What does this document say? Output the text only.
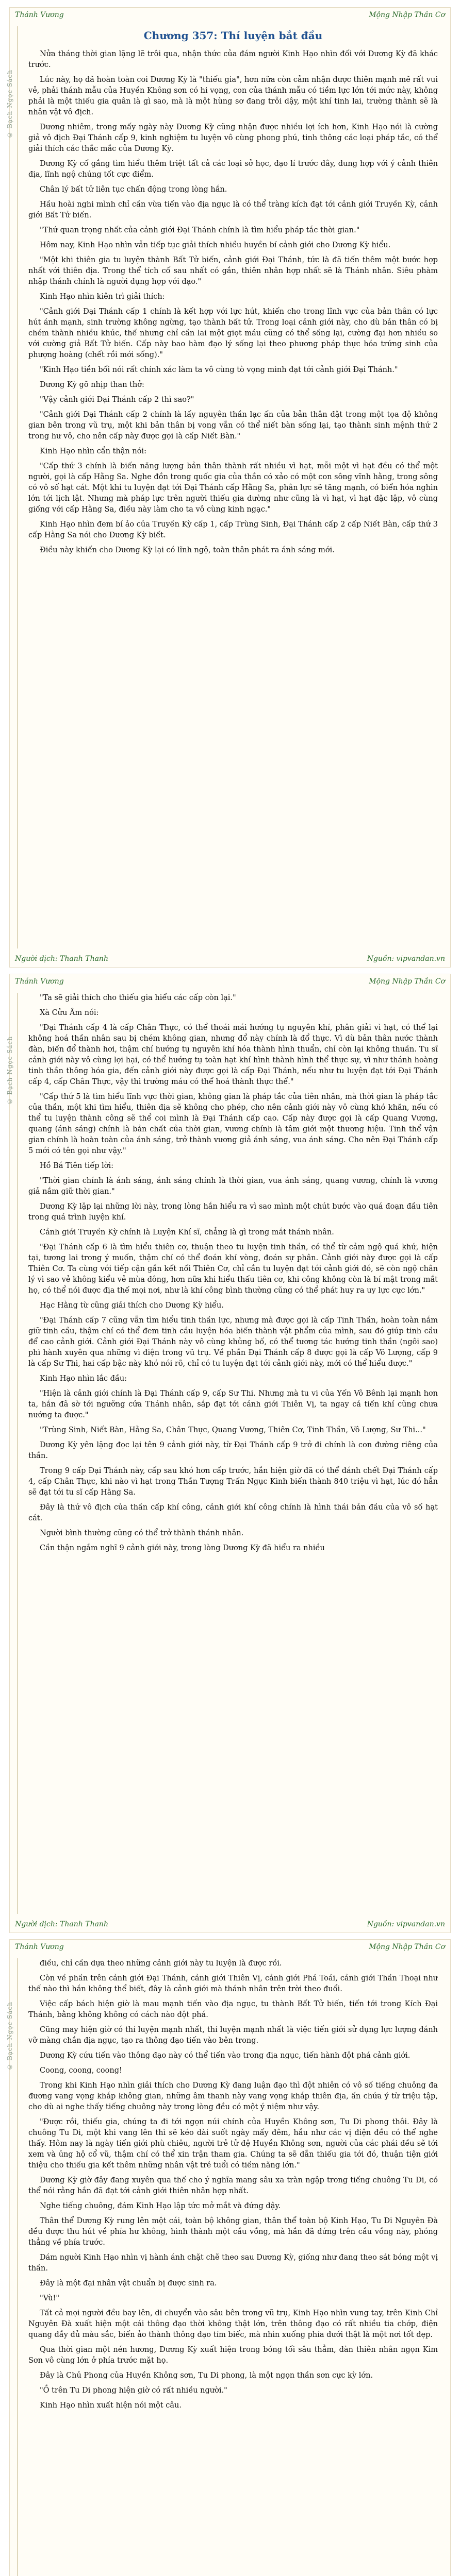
Thánh Vương	Mộng Nhập Thần Cơ
© Bạch Ngọc Sách
Chương 357: Thí luyện bắt đầu

Nửa tháng thời gian lặng lẽ trôi qua, nhận thức của đám người Kinh Hạo nhìn đối với Dương Kỳ đã khác trước.

Lúc này, họ đã hoàn toàn coi Dương Kỳ là "thiếu gia", hơn nữa còn cảm nhận được thiên mạnh mẽ rất vui vẻ, phải thánh mẫu của Huyền Không sơn có hi vọng, con của thánh mẫu có tiềm lực lớn tới mức này, không phải là một thiếu gia quân là gì sao, mà là một hùng sơ đang trỗi dậy, một khí tinh lai, trường thành sẽ là nhân vật vô địch.

Dương nhiêm, trong mấy ngày này Dương Kỳ cũng nhận được nhiều lợi ích hơn, Kinh Hạo nói là cường giả vô địch Đại Thánh cấp 9, kinh nghiệm tu luyện vô cùng phong phú, tinh thông các loại pháp tắc, có thể giải thích các thắc mắc của Dương Kỳ.

Dương Kỳ cố gắng tìm hiểu thêm triệt tất cả các loại sở học, đạo lí trước đây, dung hợp với ý cảnh thiên địa, lĩnh ngộ chúng tốt cực điểm.

Chân lý bất tử liên tục chấn động trong lòng hắn.

Hầu hoài nghi mình chỉ cần vừa tiến vào địa ngục là có thể tràng kích đạt tới cảnh giới Truyền Kỳ, cảnh giới Bất Tử biến.

"Thứ quan trọng nhất của cảnh giới Đại Thánh chính là tìm hiểu pháp tắc thời gian."

Hôm nay, Kinh Hạo nhìn vẫn tiếp tục giải thích nhiều huyền bí cảnh giới cho Dương Kỳ hiểu.

"Một khi thiên gia tu luyện thành Bất Tử biến, cảnh giới Đại Thánh, tức là đã tiến thêm một bước hợp nhất với thiên địa. Trong thể tích cố sau nhất có gắn, thiên nhân hợp nhất sẽ là Thánh nhân. Siêu phàm nhập thánh chính là người dụng hợp với đạo."

Kinh Hạo nhìn kiên trì giải thích:

"Cảnh giới Đại Thánh cấp 1 chính là kết hợp với lực hút, khiến cho trong lĩnh vực của bản thân có lực hút ánh mạnh, sinh trường không ngừng, tạo thành bất tử. Trong loại cảnh giới này, cho dù bản thân có bị chém thành nhiều khúc, thế nhưng chỉ cần lai một giọt máu cũng có thể sống lại, cường đại hơn nhiều so với cường giả Bất Tử biến. Cấp này bao hàm đạo lý sống lại theo phương pháp thực hóa trứng sinh của phượng hoàng (chết rồi mới sống)."

"Kinh Hạo tiền bối nói rất chính xác làm ta vô cùng tò vọng mình đạt tới cảnh giới Đại Thánh."

Dương Kỳ gõ nhịp than thở:

"Vậy cảnh giới Đại Thánh cấp 2 thì sao?"

"Cảnh giới Đại Thánh cấp 2 chính là lấy nguyên thần lạc ấn của bản thân đặt trong một tọa độ không gian bên trong vũ trụ, một khi bản thân bị vong vẫn có thể niết bàn sống lại, tạo thành sinh mệnh thứ 2 trong hư vô, cho nên cấp này được gọi là cấp Niết Bàn."

Kinh Hạo nhìn cẩn thận nói:

"Cấp thứ 3 chính là biến năng lượng bản thân thành rất nhiều vì hạt, mỗi một vì hạt đều có thể một người, gọi là cấp Hằng Sa. Nghe đồn trong quốc gia của thần có xảo có một con sông vĩnh hằng, trong sông có vô số hạt cát. Một khi tu luyện đạt tới Đại Thánh cấp Hằng Sa, phân lực sẽ tăng mạnh, có biển hóa nghìn lớn tới lịch lật. Nhưng mà pháp lực trên người thiếu gia dường như cũng là vì hạt, vì hạt đặc lập, vô cùng giống với cấp Hằng Sa, điều này làm cho ta vô cùng kinh ngạc."

Kinh Hạo nhìn đem bí ảo của Truyền Kỳ cấp 1, cấp Trùng Sinh, Đại Thánh cấp 2 cấp Niết Bàn, cấp thứ 3 cấp Hằng Sa nói cho Dương Kỳ biết.

Điều này khiến cho Dương Kỳ lại có lĩnh ngộ, toàn thân phát ra ánh sáng mới.

Người dịch: Thanh Thanh	Nguồn: vipvandan.vn
Thánh Vương	Mộng Nhập Thần Cơ
© Bạch Ngọc Sách

"Ta sẽ giải thích cho thiếu gia hiểu các cấp còn lại."

Xà Cửu Âm nói:

"Đại Thánh cấp 4 là cấp Chân Thực, có thể thoái mái hướng tụ nguyên khí, phân giải vì hạt, có thể lại không hoá thần nhân sau bị chém không gian, nhưng đổ này chính là đổ thực. Vì dù bản thân nước thành đàn, biến đổ thành hơi, thậm chí hướng tụ nguyên khí hóa thành hình thuẩn, chỉ còn lại không thuần. Tu sĩ cảnh giới này vô cùng lợi hại, có thể hướng tụ toàn hạt khí hình thành hình thể thực sự, vì như thánh hoàng tinh thần thông hóa gia, đến cảnh giới này được gọi là cấp Đại Thánh, nếu như tu luyện đạt tới Đại Thánh cấp 4, cấp Chân Thực, vậy thì trường máu có thể hoá thành thực thể."

"Cấp thứ 5 là tìm hiểu lĩnh vực thời gian, không gian là pháp tắc của tiên nhân, mà thời gian là pháp tắc của thần, một khi tìm hiểu, thiên địa sẽ không cho phép, cho nên cảnh giới này vô cùng khó khăn, nếu có thể tu luyện thành công sẽ thể coi mình là Đại Thánh cấp cao. Cấp này được gọi là cấp Quang Vương, quang (ánh sáng) chính là bản chất của thời gian, vương chính là tâm giới một thương hiệu. Tinh thể vận gian chính là hoàn toàn của ánh sáng, trở thành vương giả ánh sáng, vua ánh sáng. Cho nên Đại Thánh cấp 5 mới có tên gọi như vậy."

Hồ Bá Tiên tiếp lời:

"Thời gian chính là ánh sáng, ánh sáng chính là thời gian, vua ánh sáng, quang vương, chính là vương giả nắm giữ thời gian."

Dương Kỳ lặp lại những lời này, trong lòng hắn hiểu ra vì sao mình một chút bước vào quá đoạn đầu tiên trong quá trình luyện khí.

Cảnh giới Truyền Kỳ chính là Luyện Khí sĩ, chẳng là gì trong mắt thánh nhân.

"Đại Thánh cấp 6 là tìm hiểu thiên cơ, thuận theo tu luyện tinh thần, có thể từ cảm ngộ quá khứ, hiện tại, tương lai trong ý muốn, thậm chí có thể đoán khí vòng, đoán sự phân. Cảnh giới này được gọi là cấp Thiên Cơ. Ta cùng với tiếp cận gần kết nối Thiên Cơ, chỉ cần tu luyện đạt tới cảnh giới đó, sẽ còn ngộ chân lý vì sao vẻ không kiểu vẻ mùa đông, hơn nữa khi hiểu thấu tiên cơ, khi công không còn là bí mật trong mắt họ, có thể nói được địa thế mọi nơi, như là khí công bình thường cũng có thể phát huy ra uy lực cực lớn."

Hạc Hằng từ cũng giải thích cho Dương Kỳ hiểu.

"Đại Thánh cấp 7 cũng vẫn tìm hiểu tinh thần lực, nhưng mà được gọi là cấp Tinh Thần, hoàn toàn nắm giữ tinh cầu, thậm chí có thể đem tinh cầu luyện hóa biến thành vật phẩm của mình, sau đó giúp tinh cầu để cao cảnh giới. Cảnh giới Đại Thánh này vô cùng khủng bố, có thể tương tác hướng tinh thần (ngôi sao) phì hành xuyên qua những vì điện trong vũ trụ. Về phần Đại Thánh cấp 8 được gọi là cấp Võ Lượng, cấp 9 là cấp Sư Thi, hai cấp bậc này khó nói rõ, chỉ có tu luyện đạt tới cảnh giới này, mới có thể hiểu được."

Kinh Hạo nhìn lắc đầu:

"Hiện là cảnh giới chính là Đại Thánh cấp 9, cấp Sư Thi. Nhưng mà tu vi của Yến Võ Bênh lại mạnh hơn ta, hắn đã sờ tới ngưỡng cửa Thánh nhân, sắp đạt tới cảnh giới Thiên Vị, ta ngay cả tiến khí cũng chưa nướng ta được."

"Trùng Sinh, Niết Bàn, Hằng Sa, Chân Thực, Quang Vương, Thiên Cơ, Tinh Thần, Vô Lượng, Sư Thi..."

Dương Kỳ yên lặng đọc lại tên 9 cảnh giới này, từ Đại Thánh cấp 9 trở đi chính là con đường riêng của thần.

Trong 9 cấp Đại Thánh này, cấp sau khó hơn cấp trước, hắn hiện giờ đã có thể đánh chết Đại Thánh cấp 4, cấp Chân Thực, khi nào vì hạt trong Thần Tượng Trấn Ngục Kinh biến thành 840 triệu vì hạt, lúc đó hẳn sẽ đạt tới tu sĩ cấp Hằng Sa.

Đây là thứ vô địch của thần cấp khí công, cảnh giới khí công chính là hình thái bản đầu của vô số hạt cát.

Người bình thường cũng có thể trở thành thánh nhân.

Cần thận ngắm nghĩ 9 cảnh giới này, trong lòng Dương Kỳ đã hiểu ra nhiều

Người dịch: Thanh Thanh	Nguồn: vipvandan.vn
Thánh Vương	Mộng Nhập Thần Cơ
© Bạch Ngọc Sách

điều, chỉ cần dựa theo những cảnh giới này tu luyện là được rồi.

Còn về phần trên cảnh giới Đại Thánh, cảnh giới Thiên Vị, cảnh giới Phá Toái, cảnh giới Thần Thoại như thế nào thì hắn không thể biết, đây là cảnh giới mà thánh nhân trên trời theo đuổi.

Việc cấp bách hiện giờ là mau mạnh tiến vào địa ngục, tu thành Bất Tử biến, tiến tới trong Kích Đại Thánh, bằng không không có cách nào đột phá.

Cũng may hiện giờ có thí luyện mạnh nhất, thí luyện mạnh nhất là việc tiến giới sử dụng lực lượng đánh vỡ màng chắn địa ngục, tạo ra thông đạo tiến vào bên trong.

Dương Kỳ cứu tiến vào thông đạo này có thể tiến vào trong địa ngục, tiến hành đột phá cảnh giới.

Coong, coong, coong!

Trong khi Kinh Hạo nhìn giải thích cho Dương Kỳ đang luận đạo thì đột nhiên có vô số tiếng chuông đa đương vang vọng khắp không gian, những âm thanh này vang vọng khắp thiên địa, ấn chứa ý từ triệu tập, cho dù ai nghe thấy tiếng chuông này trong lòng đều có một ý niệm như vậy.

"Được rồi, thiếu gia, chúng ta đi tới ngọn núi chính của Huyền Không sơn, Tu Di phong thôi. Đây là chuông Tu Di, một khi vang lên thì sẽ kéo dài suốt ngày mấy đêm, hầu như các vị điện đều có thể nghe thấy. Hôm nay là ngày tiến giới phù chiêu, người trẻ tử đệ Huyền Không sơn, người của các phái đều sẽ tới xem và ủng hộ cổ vũ, thậm chí có thể xin trận tham gia. Chúng ta sẽ dẫn thiếu gia tới đó, thuận tiện giới thiệu cho thiếu gia kết thêm những nhân vật trẻ tuổi có tiềm năng lớn."

Dương Kỳ giờ đây đang xuyên qua thế cho ý nghĩa mang sâu xa tràn ngập trong tiếng chuông Tu Di, có thể nói rằng hắn đã đạt tới cảnh giới thiên nhân hợp nhất.

Nghe tiếng chuông, đám Kinh Hạo lập tức mở mắt và đứng dậy.

Thân thể Dương Kỳ rung lên một cái, toàn bộ không gian, thân thể toàn bộ Kinh Hạo, Tu Di Nguyên Đà đều được thu hút về phía hư không, hình thành một cầu vồng, mà hắn đã đứng trên cầu vồng này, phóng thẳng về phía trước.

Dám người Kinh Hạo nhìn vị hành ánh chặt chẽ theo sau Dương Kỳ, giống như đang theo sát bóng một vị thần.

Đây là một đại nhân vật chuẩn bị được sinh ra.

"Vù!"

Tất cả mọi người đều bay lên, di chuyển vào sâu bên trong vũ trụ, Kinh Hạo nhìn vung tay, trên Kinh Chỉ Nguyên Đà xuất hiện một cái thông đạo thời không thật lớn, trên thông đạo có rất nhiều tia chớp, điện quang đầy đủ màu sắc, biến ảo thành thông đạo tím biếc, mà nhìn xuống phía dưới thật là một nơi tốt đẹp.

Qua thời gian một nén hương, Dương Kỳ xuất hiện trong bóng tối sâu thẳm, đàn thiên nhân ngọn Kim Sơn vô cùng lớn ở phía trước mặt họ.

Đây là Chủ Phong của Huyền Không sơn, Tu Di phong, là một ngọn thần sơn cực kỳ lớn.

"Ồ trên Tu Di phong hiện giờ có rất nhiều người."

Kinh Hạo nhìn xuất hiện nói một câu.
